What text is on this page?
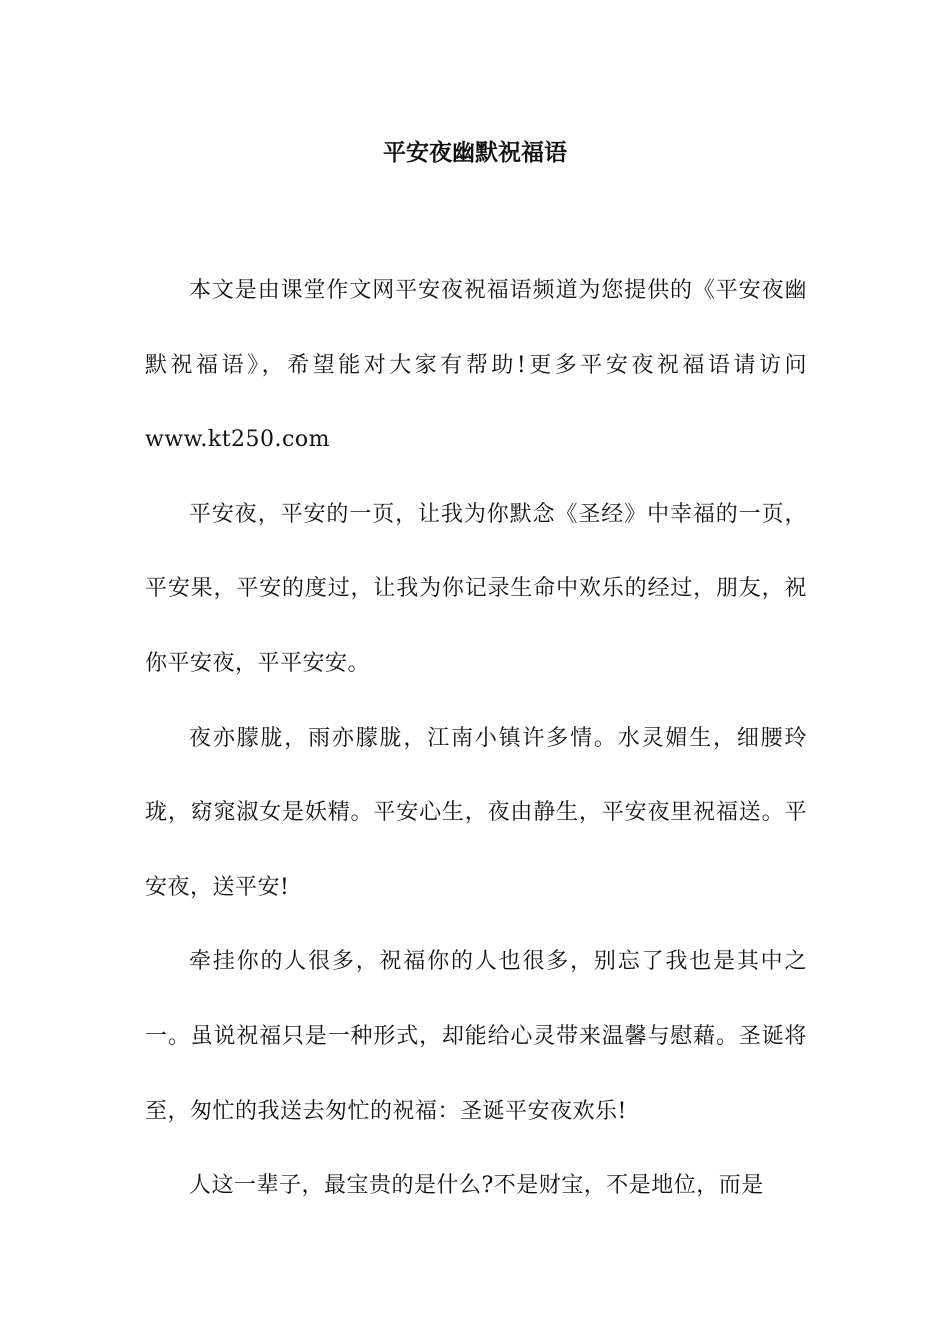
平安夜幽默祝福语

本文是由课堂作文网平安夜祝福语频道为您提供的《平安夜幽默祝福语》，希望能对大家有帮助!更多平安夜祝福语请访问www.kt250.com

平安夜，平安的一页，让我为你默念《圣经》中幸福的一页，平安果，平安的度过，让我为你记录生命中欢乐的经过，朋友，祝你平安夜，平平安安。

夜亦朦胧，雨亦朦胧，江南小镇许多情。水灵媚生，细腰玲珑，窈窕淑女是妖精。平安心生，夜由静生，平安夜里祝福送。平安夜，送平安!

牵挂你的人很多，祝福你的人也很多，别忘了我也是其中之一。虽说祝福只是一种形式，却能给心灵带来温馨与慰藉。圣诞将至，匆忙的我送去匆忙的祝福：圣诞平安夜欢乐!

人这一辈子，最宝贵的是什么?不是财宝，不是地位，而是
